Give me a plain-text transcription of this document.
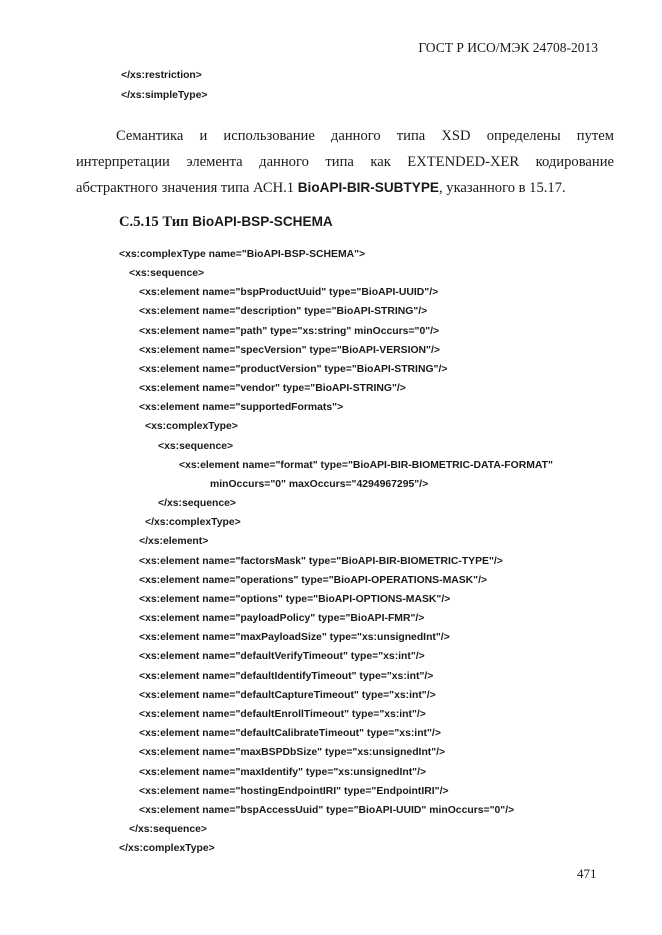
ГОСТ Р ИСО/МЭК 24708-2013
</xs:restriction>
</xs:simpleType>
Семантика и использование данного типа XSD определены путем
интерпретации элемента данного типа как EXTENDED-XER кодирование
абстрактного значения типа АСН.1 BioAPI-BIR-SUBTYPE, указанного в 15.17.
С.5.15 Тип BioAPI-BSP-SCHEMA
<xs:complexType name="BioAPI-BSP-SCHEMA">
<xs:sequence>
<xs:element name="bspProductUuid" type="BioAPI-UUID"/>
<xs:element name="description" type="BioAPI-STRING"/>
<xs:element name="path" type="xs:string" minOccurs="0"/>
<xs:element name="specVersion" type="BioAPI-VERSION"/>
<xs:element name="productVersion" type="BioAPI-STRING"/>
<xs:element name="vendor" type="BioAPI-STRING"/>
<xs:element name="supportedFormats">
<xs:complexType>
<xs:sequence>
<xs:element name="format" type="BioAPI-BIR-BIOMETRIC-DATA-FORMAT"
minOccurs="0" maxOccurs="4294967295"/>
</xs:sequence>
</xs:complexType>
</xs:element>
<xs:element name="factorsMask" type="BioAPI-BIR-BIOMETRIC-TYPE"/>
<xs:element name="operations" type="BioAPI-OPERATIONS-MASK"/>
<xs:element name="options" type="BioAPI-OPTIONS-MASK"/>
<xs:element name="payloadPolicy" type="BioAPI-FMR"/>
<xs:element name="maxPayloadSize" type="xs:unsignedInt"/>
<xs:element name="defaultVerifyTimeout" type="xs:int"/>
<xs:element name="defaultIdentifyTimeout" type="xs:int"/>
<xs:element name="defaultCaptureTimeout" type="xs:int"/>
<xs:element name="defaultEnrollTimeout" type="xs:int"/>
<xs:element name="defaultCalibrateTimeout" type="xs:int"/>
<xs:element name="maxBSPDbSize" type="xs:unsignedInt"/>
<xs:element name="maxIdentify" type="xs:unsignedInt"/>
<xs:element name="hostingEndpointIRI" type="EndpointIRI"/>
<xs:element name="bspAccessUuid" type="BioAPI-UUID" minOccurs="0"/>
</xs:sequence>
</xs:complexType>
471
